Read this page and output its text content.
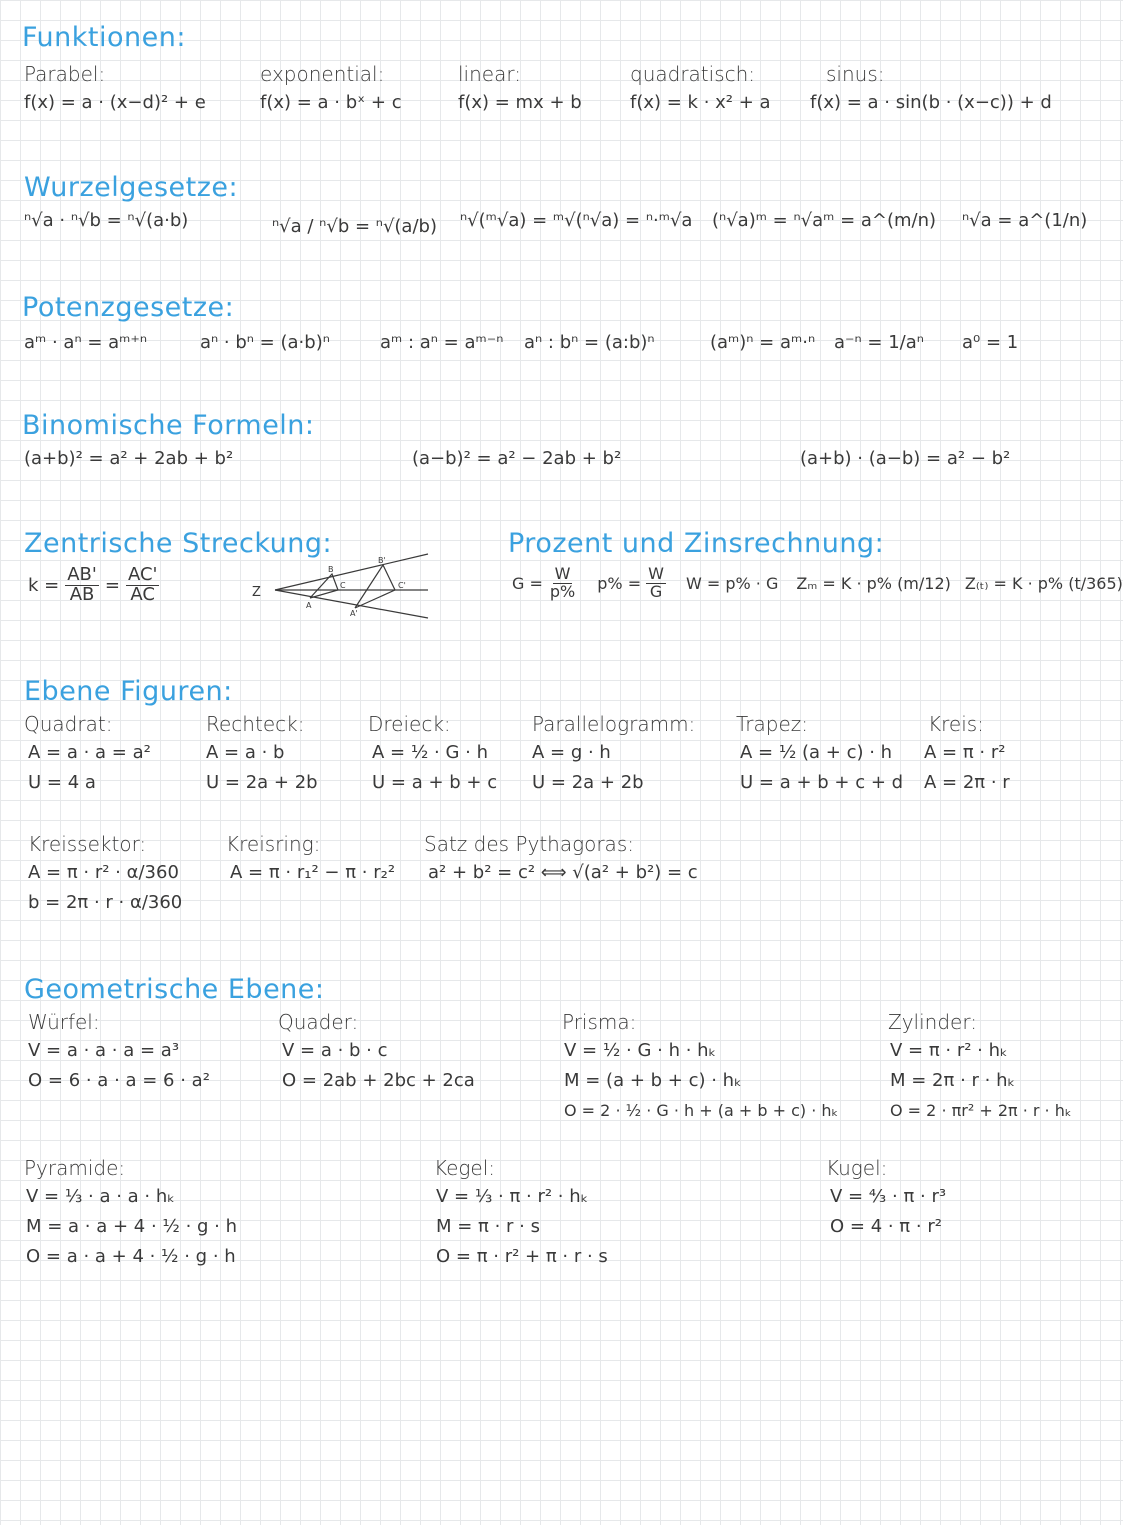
Funktionen:
Parabel:
f(x) = a · (x−d)² + e
exponential:
f(x) = a · bˣ + c
linear:
f(x) = mx + b
quadratisch:
f(x) = k · x² + a
sinus:
f(x) = a · sin(b · (x−c)) + d
Wurzelgesetze:
ⁿ√a · ⁿ√b = ⁿ√(a·b)	ⁿ√a / ⁿ√b = ⁿ√(a/b) ⁿ√(ᵐ√a) = ᵐ√(ⁿ√a) = ⁿ·ᵐ√a (ⁿ√a)ᵐ = ⁿ√aᵐ = a^(m/n) ⁿ√a = a^(1/n)
Potenzgesetze:
aᵐ · aⁿ = aᵐ⁺ⁿ	aⁿ · bⁿ = (a·b)ⁿ	aᵐ : aⁿ = aᵐ⁻ⁿ aⁿ : bⁿ = (a:b)ⁿ	(aᵐ)ⁿ = aᵐ·ⁿ a⁻ⁿ = 1/aⁿ a⁰ = 1
Binomische Formeln:
(a+b)² = a² + 2ab + b²	(a−b)² = a² − 2ab + b²	(a+b) · (a−b) = a² − b²
Zentrische Streckung:
$k = \frac{AB'}{AB} = \frac{AC'}{AC}$	Z
A
B
C
A'
B'
C'
Prozent und Zinsrechnung:
$G = \frac{W}{p\%} p\% = \frac{W}{G}$ W = p% · G Zₘ = K · p% (m/12) Z₍ₜ₎ = K · p% (t/365)
Ebene Figuren:
Quadrat:
A = a · a = a²
U = 4 a
Rechteck:
A = a · b
U = 2a + 2b
Dreieck:
A = ½ · G · h
U = a + b + c
Parallelogramm:
A = g · h
U = 2a + 2b
Trapez:
A = ½ (a + c) · h
U = a + b + c + d
Kreis:
A = π · r²
A = 2π · r
Kreissektor:
A = π · r² · α/360
b = 2π · r · α/360
Kreisring:
A = π · r₁² − π · r₂²
Satz des Pythagoras:
a² + b² = c² ⟺ √(a² + b²) = c
Geometrische Ebene:
Würfel:
V = a · a · a = a³
O = 6 · a · a = 6 · a²
Quader:
V = a · b · c
O = 2ab + 2bc + 2ca
Prisma:
V = ½ · G · h · hₖ
M = (a + b + c) · hₖ
O = 2 · ½ · G · h + (a + b + c) · hₖ
Zylinder:
V = π · r² · hₖ
M = 2π · r · hₖ
O = 2 · πr² + 2π · r · hₖ
Pyramide:
V = ⅓ · a · a · hₖ
M = a · a + 4 · ½ · g · h
O = a · a + 4 · ½ · g · h
Kegel:
V = ⅓ · π · r² · hₖ
M = π · r · s
O = π · r² + π · r · s
Kugel:
V = ⁴⁄₃ · π · r³
O = 4 · π · r²
